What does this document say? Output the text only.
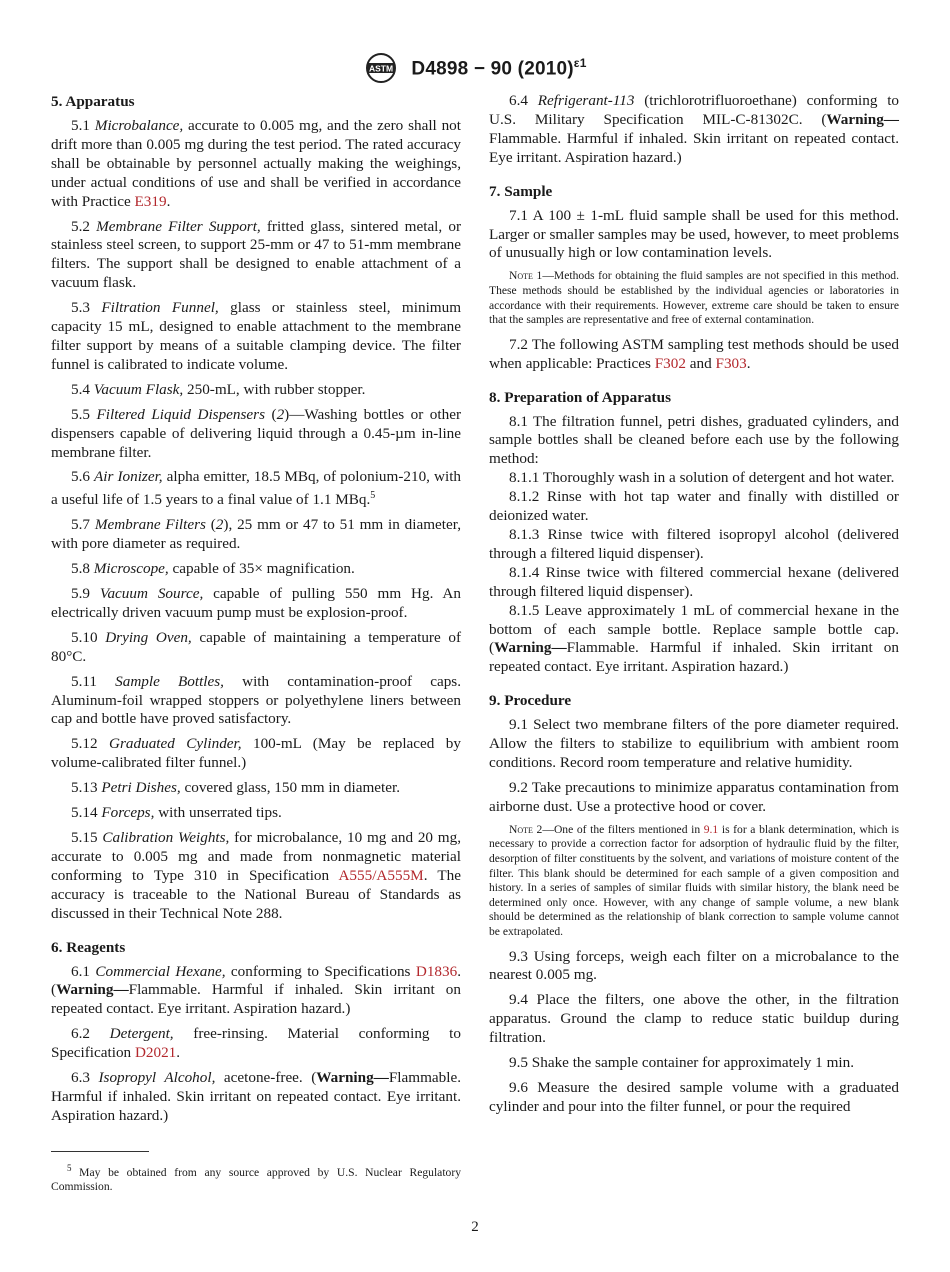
ASTM D4898 − 90 $(2010)^{\varepsilon 1}$
5. Apparatus

5.1 Microbalance, accurate to 0.005 mg, and the zero shall not drift more than 0.005 mg during the test period. The rated accuracy shall be obtainable by personnel actually making the weighings, under actual conditions of use and shall be verified in accordance with Practice E319.

5.2 Membrane Filter Support, fritted glass, sintered metal, or stainless steel screen, to support 25-mm or 47 to 51-mm membrane filters. The support shall be designed to enable attachment of a vacuum flask.

5.3 Filtration Funnel, glass or stainless steel, minimum capacity 15 mL, designed to enable attachment to the membrane filter support by means of a suitable clamping device. The filter funnel is calibrated to indicate volume.

5.4 Vacuum Flask, 250-mL, with rubber stopper.

5.5 Filtered Liquid Dispensers (2)—Washing bottles or other dispensers capable of delivering liquid through a 0.45-µm in-line membrane filter.

5.6 Air Ionizer, alpha emitter, 18.5 MBq, of polonium-210, with a useful life of 1.5 years to a final value of 1.1 MBq.$^5$

5.7 Membrane Filters (2), 25 mm or 47 to 51 mm in diameter, with pore diameter as required.

5.8 Microscope, capable of 35× magnification.

5.9 Vacuum Source, capable of pulling 550 mm Hg. An electrically driven vacuum pump must be explosion-proof.

5.10 Drying Oven, capable of maintaining a temperature of 80°C.

5.11 Sample Bottles, with contamination-proof caps. Aluminum-foil wrapped stoppers or polyethylene liners between cap and bottle have proved satisfactory.

5.12 Graduated Cylinder, 100-mL (May be replaced by volume-calibrated filter funnel.)

5.13 Petri Dishes, covered glass, 150 mm in diameter.

5.14 Forceps, with unserrated tips.

5.15 Calibration Weights, for microbalance, 10 mg and 20 mg, accurate to 0.005 mg and made from nonmagnetic material conforming to Type 310 in Specification A555/A555M. The accuracy is traceable to the National Bureau of Standards as discussed in their Technical Note 288.

6. Reagents

6.1 Commercial Hexane, conforming to Specifications D1836. (Warning—Flammable. Harmful if inhaled. Skin irritant on repeated contact. Eye irritant. Aspiration hazard.)

6.2 Detergent, free-rinsing. Material conforming to Specification D2021.

6.3 Isopropyl Alcohol, acetone-free. (Warning—Flammable. Harmful if inhaled. Skin irritant on repeated contact. Eye irritant. Aspiration hazard.)

$^5$ May be obtained from any source approved by U.S. Nuclear Regulatory Commission.

6.4 Refrigerant-113 (trichlorotrifluoroethane) conforming to U.S. Military Specification MIL-C-81302C. (Warning—Flammable. Harmful if inhaled. Skin irritant on repeated contact. Eye irritant. Aspiration hazard.)

7. Sample

7.1 A 100 ± 1-mL fluid sample shall be used for this method. Larger or smaller samples may be used, however, to meet problems of unusually high or low contamination levels.

Note 1—Methods for obtaining the fluid samples are not specified in this method. These methods should be established by the individual agencies or laboratories in accordance with their requirements. However, extreme care should be taken to ensure that the samples are representative and free of external contamination.

7.2 The following ASTM sampling test methods should be used when applicable: Practices F302 and F303.

8. Preparation of Apparatus

8.1 The filtration funnel, petri dishes, graduated cylinders, and sample bottles shall be cleaned before each use by the following method:

8.1.1 Thoroughly wash in a solution of detergent and hot water.

8.1.2 Rinse with hot tap water and finally with distilled or deionized water.

8.1.3 Rinse twice with filtered isopropyl alcohol (delivered through a filtered liquid dispenser).

8.1.4 Rinse twice with filtered commercial hexane (delivered through filtered liquid dispenser).

8.1.5 Leave approximately 1 mL of commercial hexane in the bottom of each sample bottle. Replace sample bottle cap. (Warning—Flammable. Harmful if inhaled. Skin irritant on repeated contact. Eye irritant. Aspiration hazard.)

9. Procedure

9.1 Select two membrane filters of the pore diameter required. Allow the filters to stabilize to equilibrium with ambient room conditions. Record room temperature and relative humidity.

9.2 Take precautions to minimize apparatus contamination from airborne dust. Use a protective hood or cover.

Note 2—One of the filters mentioned in 9.1 is for a blank determination, which is necessary to provide a correction factor for adsorption of hydraulic fluid by the filter, desorption of filter constituents by the solvent, and variations of moisture content of the filter. This blank should be determined for each sample of a given composition and history. In a series of samples of similar fluids with similar history, the blank need be determined only once. However, with any change of sample volume, a new blank should be determined as the relationship of blank correction to sample volume cannot be extrapolated.

9.3 Using forceps, weigh each filter on a microbalance to the nearest 0.005 mg.

9.4 Place the filters, one above the other, in the filtration apparatus. Ground the clamp to reduce static buildup during filtration.

9.5 Shake the sample container for approximately 1 min.

9.6 Measure the desired sample volume with a graduated cylinder and pour into the filter funnel, or pour the required

2
